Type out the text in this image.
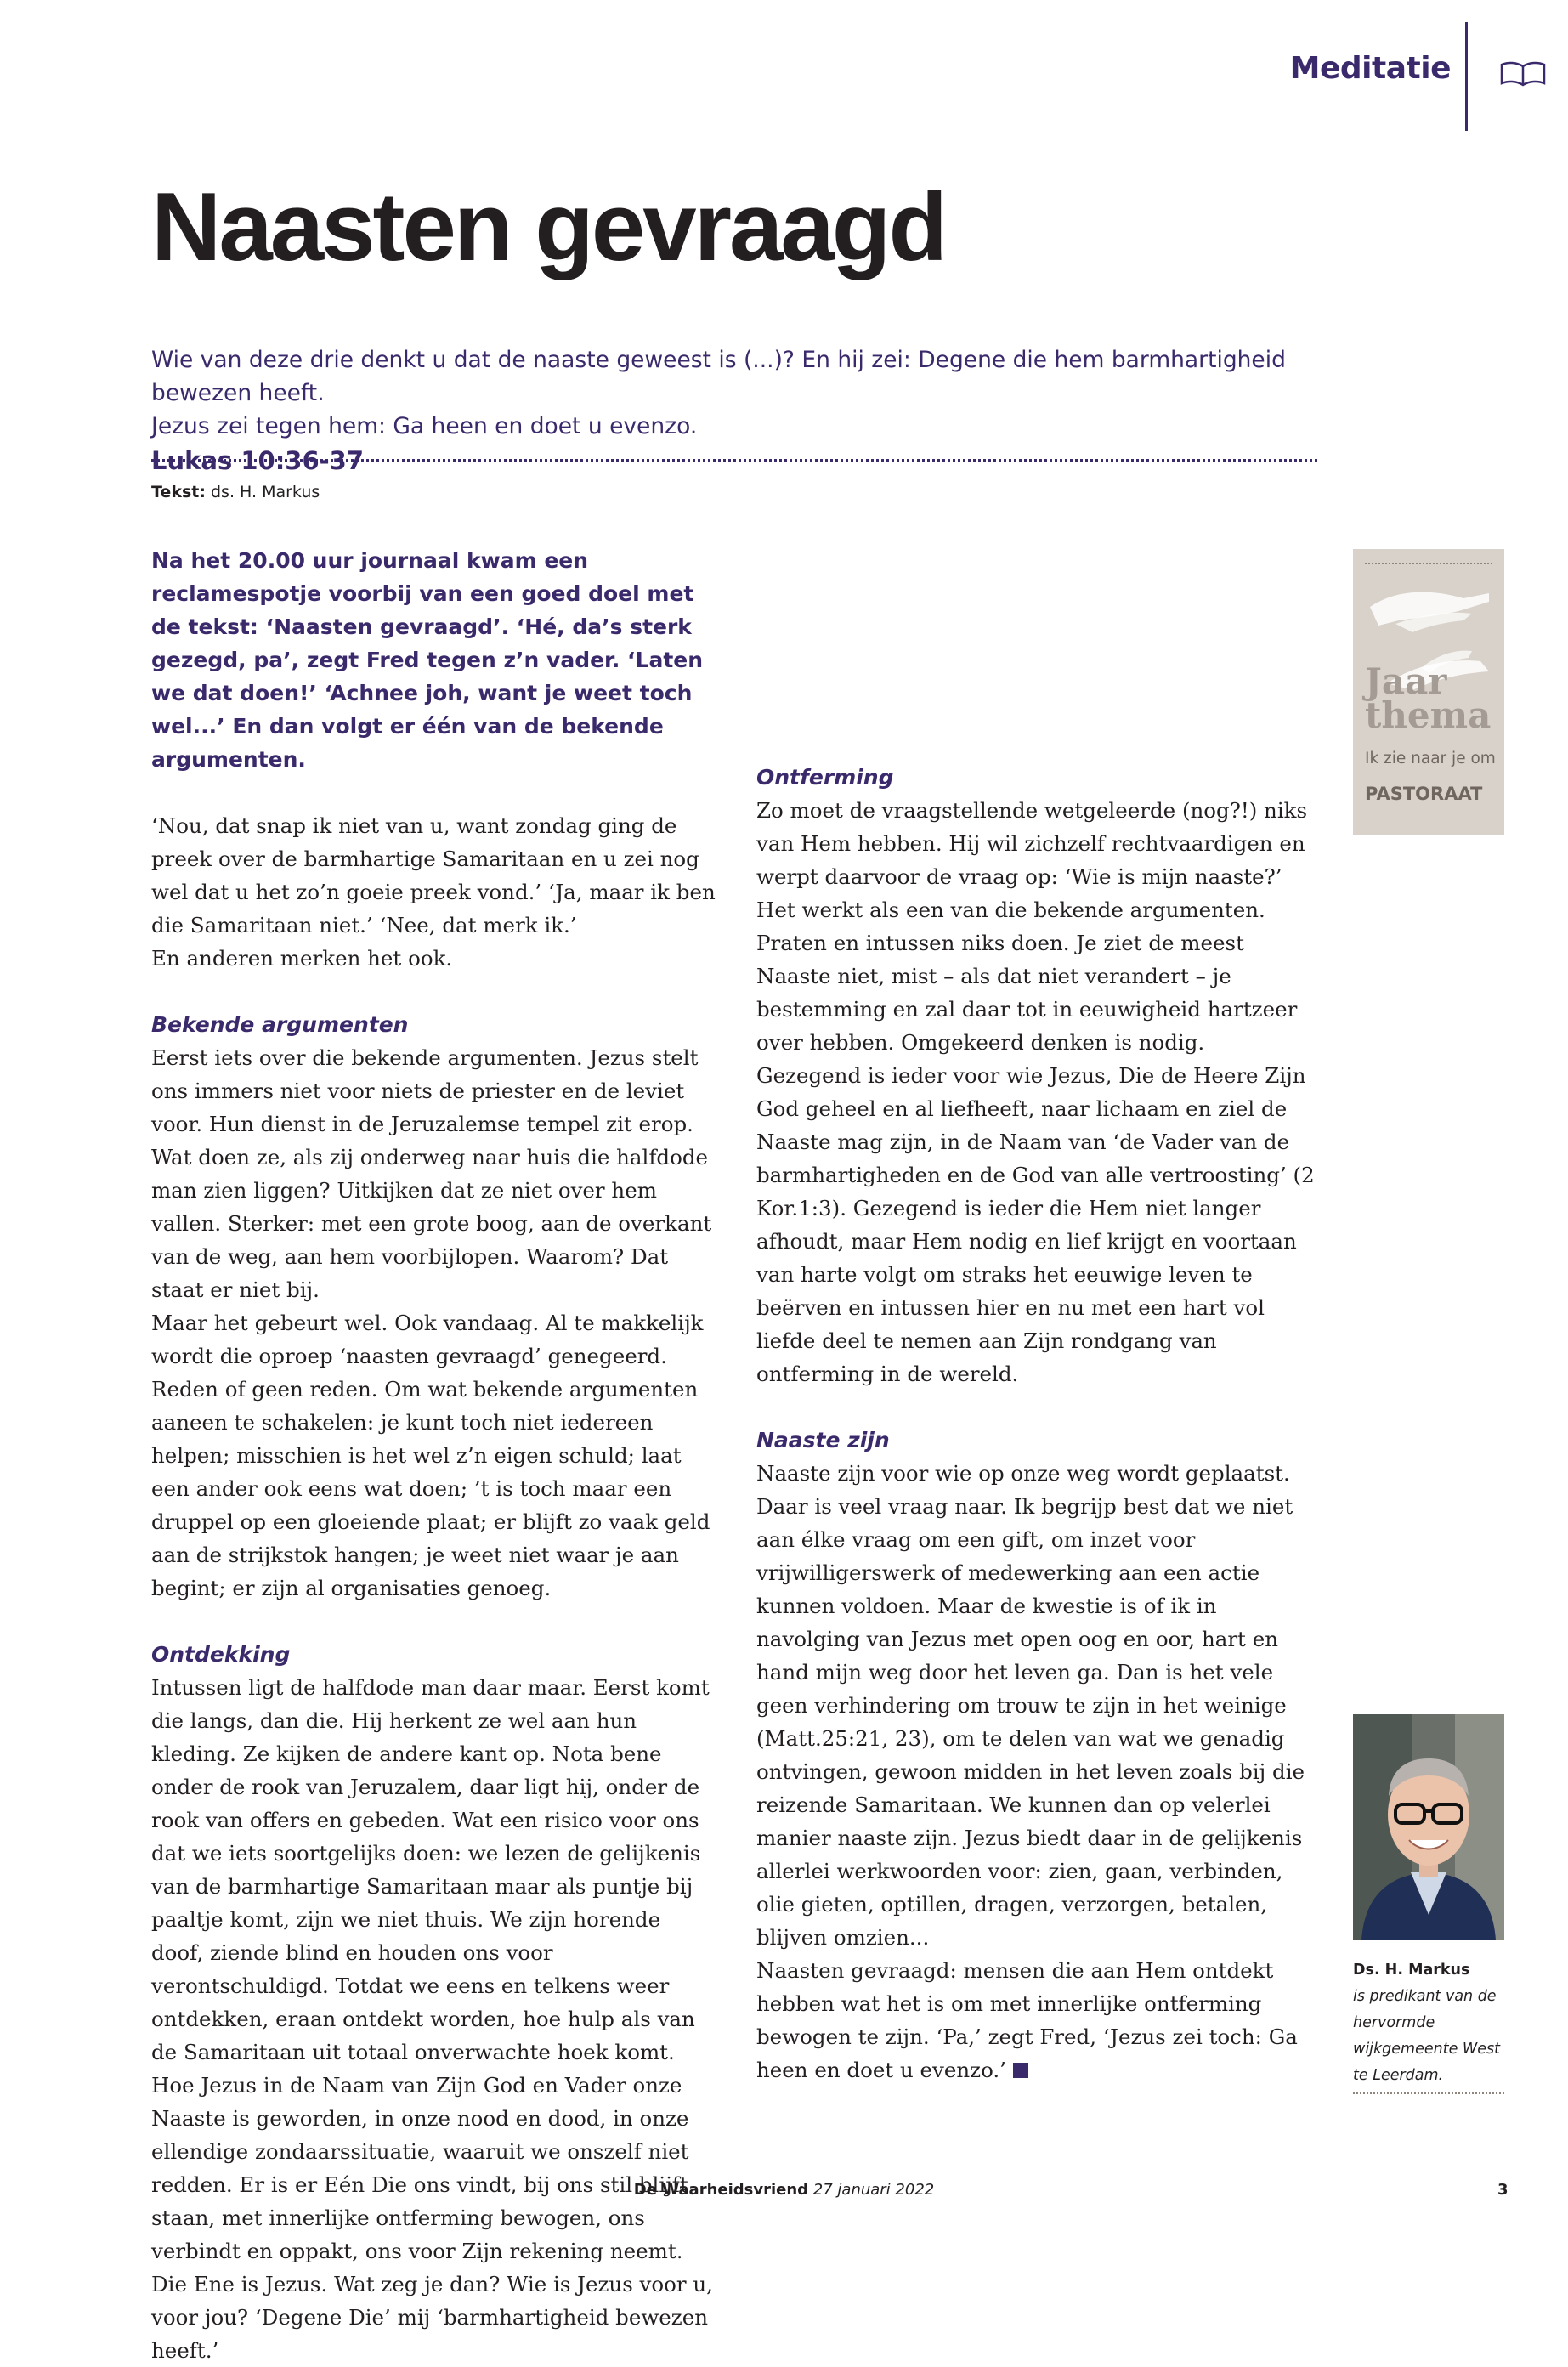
Meditatie
Naasten gevraagd

Wie van deze drie denkt u dat de naaste geweest is (...)? En hij zei: Degene die hem barmhartigheid bewezen heeft.

Jezus zei tegen hem: Ga heen en doet u evenzo.

Lukas 10:36-37

Tekst: ds. H. Markus

Na het 20.00 uur journaal kwam een reclamespotje voorbij van een goed doel met de tekst: ‘Naasten gevraagd’. ‘Hé, da’s sterk gezegd, pa’, zegt Fred tegen z’n vader. ‘Laten we dat doen!’ ‘Achnee joh, want je weet toch wel...’ En dan volgt er één van de bekende argumenten.

‘Nou, dat snap ik niet van u, want zondag ging de preek over de barmhartige Samaritaan en u zei nog wel dat u het zo’n goeie preek vond.’ ‘Ja, maar ik ben die Samaritaan niet.’ ‘Nee, dat merk ik.’
En anderen merken het ook.

Bekende argumenten

Eerst iets over die bekende argumenten. Jezus stelt ons immers niet voor niets de priester en de leviet voor. Hun dienst in de Jeruzalemse tempel zit erop. Wat doen ze, als zij onderweg naar huis die halfdode man zien liggen? Uitkijken dat ze niet over hem vallen. Sterker: met een grote boog, aan de overkant van de weg, aan hem voorbijlopen. Waarom? Dat staat er niet bij.
Maar het gebeurt wel. Ook vandaag. Al te makkelijk wordt die oproep ‘naasten gevraagd’ genegeerd. Reden of geen reden. Om wat bekende argumenten aaneen te schakelen: je kunt toch niet iedereen helpen; misschien is het wel z’n eigen schuld; laat een ander ook eens wat doen; ’t is toch maar een druppel op een gloeiende plaat; er blijft zo vaak geld aan de strijkstok hangen; je weet niet waar je aan begint; er zijn al organisaties genoeg.

Ontdekking

Intussen ligt de halfdode man daar maar. Eerst komt die langs, dan die. Hij herkent ze wel aan hun kleding. Ze kijken de andere kant op. Nota bene onder de rook van Jeruzalem, daar ligt hij, onder de rook van offers en gebeden. Wat een risico voor ons dat we iets soortgelijks doen: we lezen de gelijkenis van de barmhartige Samaritaan maar als puntje bij paaltje komt, zijn we niet thuis. We zijn horende doof, ziende blind en houden ons voor verontschuldigd. Totdat we eens en telkens weer ontdekken, eraan ontdekt worden, hoe hulp als van de Samaritaan uit totaal onverwachte hoek komt. Hoe Jezus in de Naam van Zijn God en Vader onze Naaste is geworden, in onze nood en dood, in onze ellendige zondaarssituatie, waaruit we onszelf niet redden. Er is er Eén Die ons vindt, bij ons stil blijft staan, met innerlijke ontferming bewogen, ons verbindt en oppakt, ons voor Zijn rekening neemt. Die Ene is Jezus. Wat zeg je dan? Wie is Jezus voor u, voor jou? ‘Degene Die’ mij ‘barmhartigheid bewezen heeft.’

Ontferming

Zo moet de vraagstellende wetgeleerde (nog?!) niks van Hem hebben. Hij wil zichzelf rechtvaardigen en werpt daarvoor de vraag op: ‘Wie is mijn naaste?’ Het werkt als een van die bekende argumenten. Praten en intussen niks doen. Je ziet de meest Naaste niet, mist – als dat niet verandert – je bestemming en zal daar tot in eeuwigheid hartzeer over hebben. Omgekeerd denken is nodig.
Gezegend is ieder voor wie Jezus, Die de Heere Zijn God geheel en al liefheeft, naar lichaam en ziel de Naaste mag zijn, in de Naam van ‘de Vader van de barmhartigheden en de God van alle vertroosting’ (2 Kor.1:3). Gezegend is ieder die Hem niet langer afhoudt, maar Hem nodig en lief krijgt en voortaan van harte volgt om straks het eeuwige leven te beërven en intussen hier en nu met een hart vol liefde deel te nemen aan Zijn rondgang van ontferming in de wereld.

Naaste zijn

Naaste zijn voor wie op onze weg wordt geplaatst. Daar is veel vraag naar. Ik begrijp best dat we niet aan élke vraag om een gift, om inzet voor vrijwilligerswerk of medewerking aan een actie kunnen voldoen. Maar de kwestie is of ik in navolging van Jezus met open oog en oor, hart en hand mijn weg door het leven ga. Dan is het vele geen verhindering om trouw te zijn in het weinige (Matt.25:21, 23), om te delen van wat we genadig ontvingen, gewoon midden in het leven zoals bij die reizende Samaritaan. We kunnen dan op velerlei manier naaste zijn. Jezus biedt daar in de gelijkenis allerlei werkwoorden voor: zien, gaan, verbinden, olie gieten, optillen, dragen, verzorgen, betalen, blijven omzien...
Naasten gevraagd: mensen die aan Hem ontdekt hebben wat het is om met innerlijke ontferming bewogen te zijn. ‘Pa,’ zegt Fred, ‘Jezus zei toch: Ga heen en doet u evenzo.’

Jaar
thema
Ik zie naar je om
PASTORAAT
Ds. H. Markus
is predikant van de hervormde wijkgemeente West te Leerdam.
De Waarheidsvriend 27 januari 2022	3
